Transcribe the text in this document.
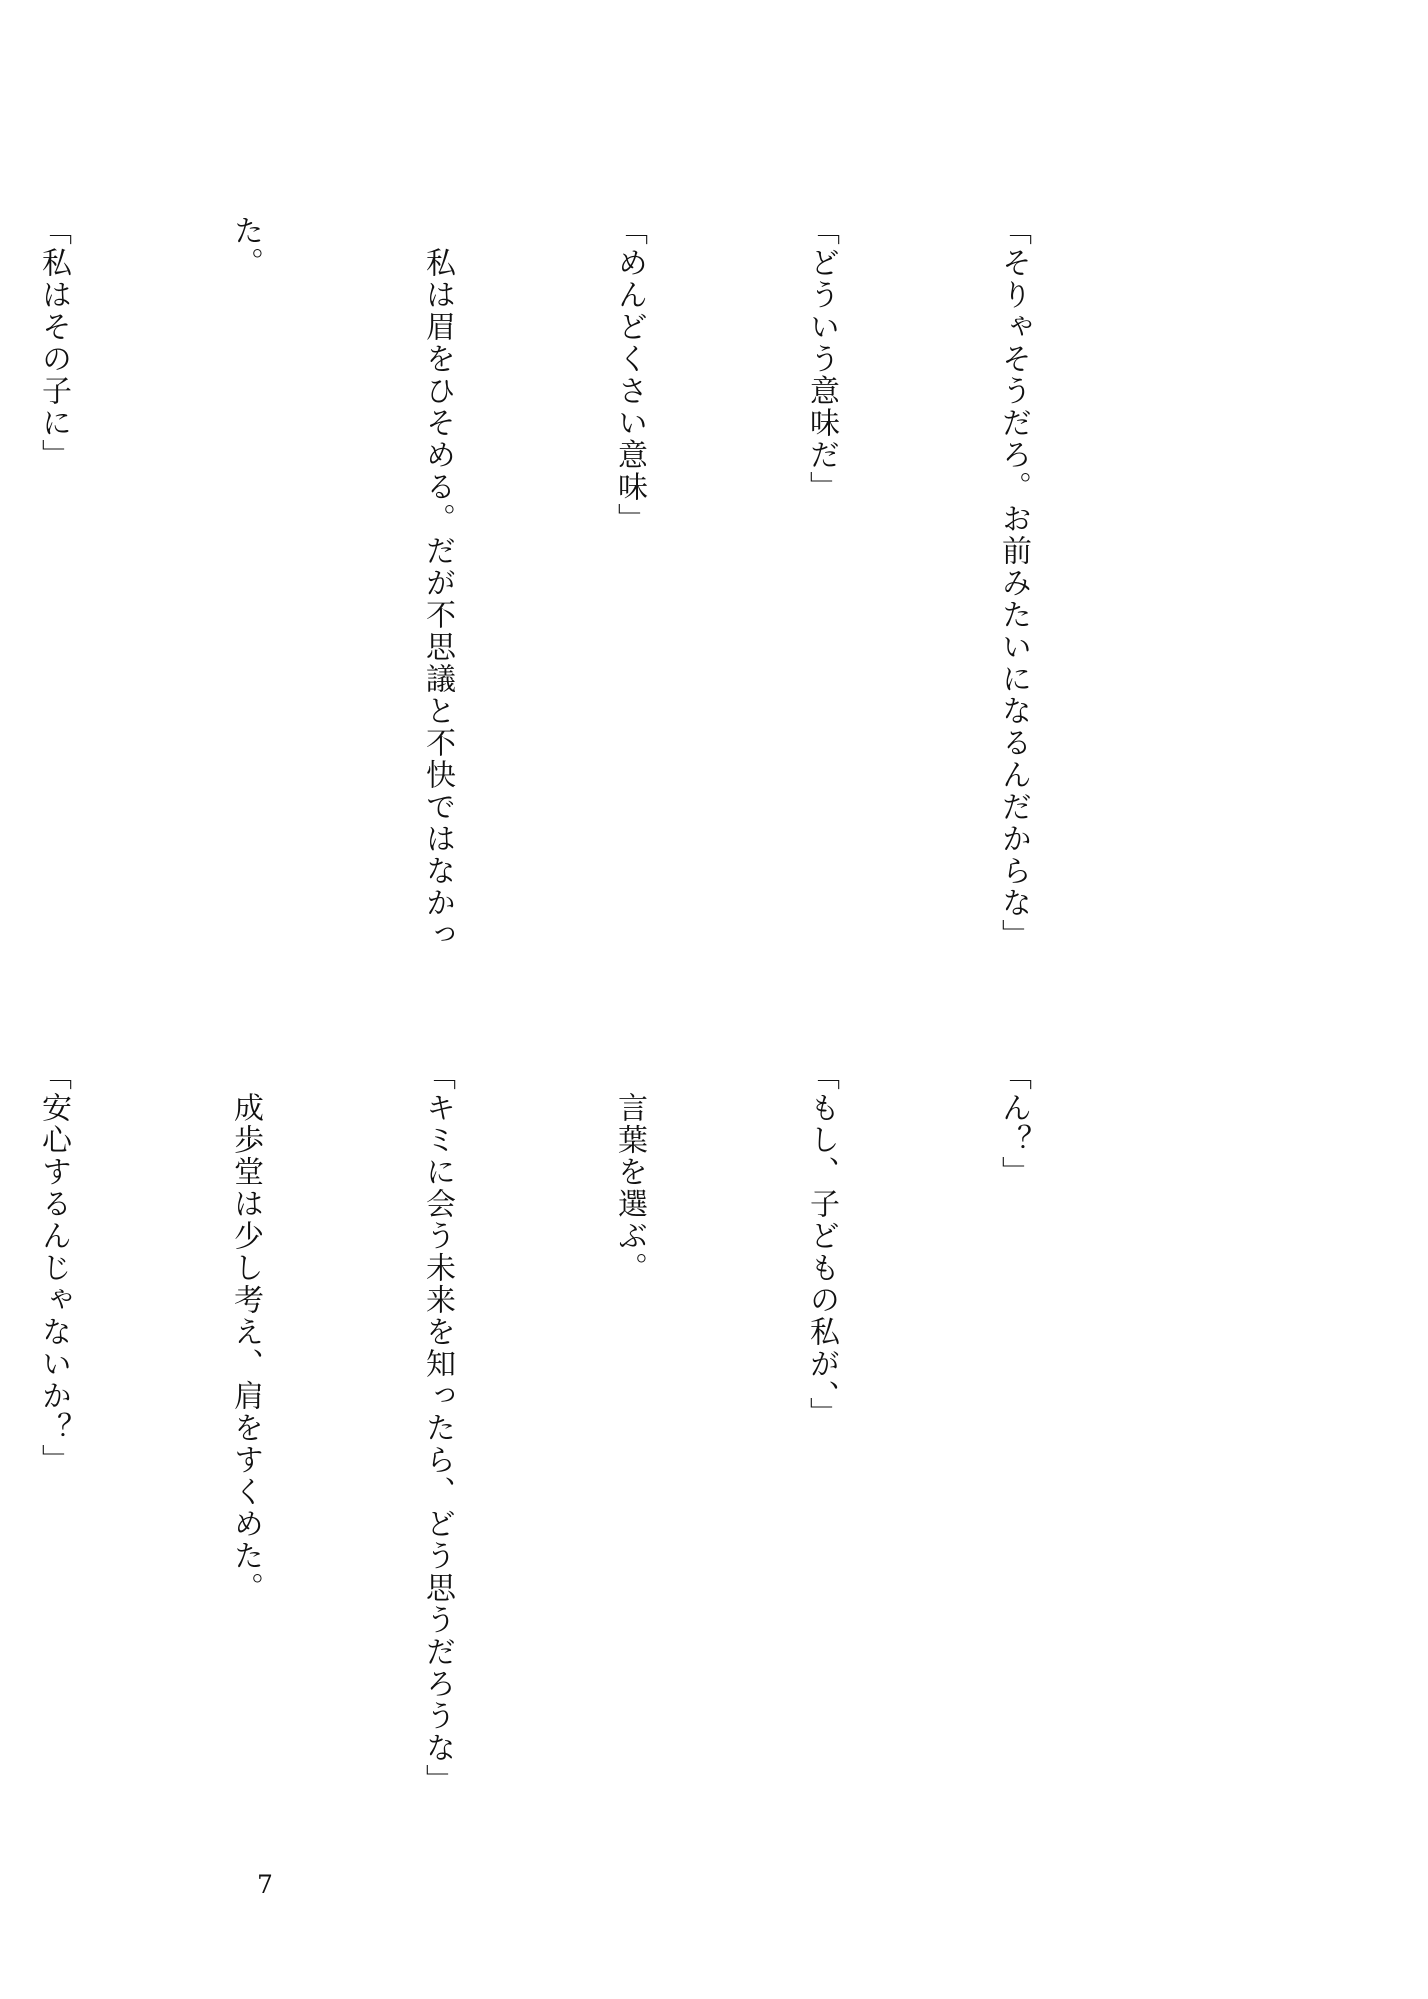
「そりゃそうだろ。お前みたいになるんだからな」

「どういう意味だ」

「めんどくさい意味」

　私は眉をひそめる。だが不思議と不快ではなかっ

た。

「私はその子に」

「ん？」

「もし、子どもの私が、」

　言葉を選ぶ。

「キミに会う未来を知ったら、どう思うだろうな」

　成歩堂は少し考え、肩をすくめた。

「安心するんじゃないか？」

7
